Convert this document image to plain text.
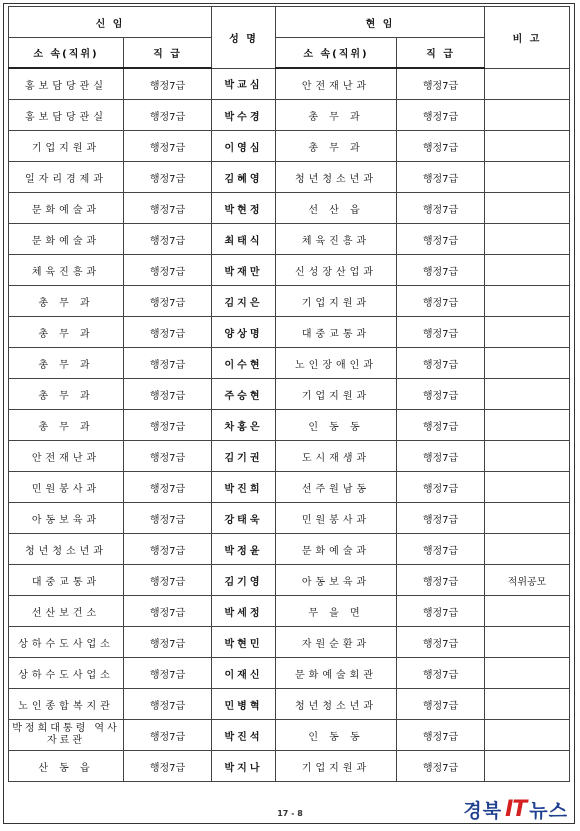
신 임		성 명	현 임		비 고
소 속(직위)	직 급		소 속(직위)	직 급	
홍보담당관실	행정7급	박교심	안전재난과	행정7급	
홍보담당관실	행정7급	박수경	총 무 과	행정7급	
기업지원과	행정7급	이영심	총 무 과	행정7급	
일자리경제과	행정7급	김혜영	청년청소년과	행정7급	
문화예술과	행정7급	박현정	선 산 읍	행정7급	
문화예술과	행정7급	최태식	체육진흥과	행정7급	
체육진흥과	행정7급	박재만	신성장산업과	행정7급	
총 무 과	행정7급	김지은	기업지원과	행정7급	
총 무 과	행정7급	양상명	대중교통과	행정7급	
총 무 과	행정7급	이수현	노인장애인과	행정7급	
총 무 과	행정7급	주승현	기업지원과	행정7급	
총 무 과	행정7급	차홍은	인 동 동	행정7급	
안전재난과	행정7급	김기권	도시재생과	행정7급	
민원봉사과	행정7급	박진희	선주원남동	행정7급	
아동보육과	행정7급	강태욱	민원봉사과	행정7급	
청년청소년과	행정7급	박정윤	문화예술과	행정7급	
대중교통과	행정7급	김기영	아동보육과	행정7급	적위공모
선산보건소	행정7급	박세정	무 을 면	행정7급	
상하수도사업소	행정7급	박현민	자원순환과	행정7급	
상하수도사업소	행정7급	이재신	문화예술회관	행정7급	
노인종합복지관	행정7급	민병혁	청년청소년과	행정7급	
박정희대통령 역사자료관	행정7급	박진석	인 동 동	행정7급	
산 동 읍	행정7급	박지나	기업지원과	행정7급	
17 - 8	경북 IT 뉴스
